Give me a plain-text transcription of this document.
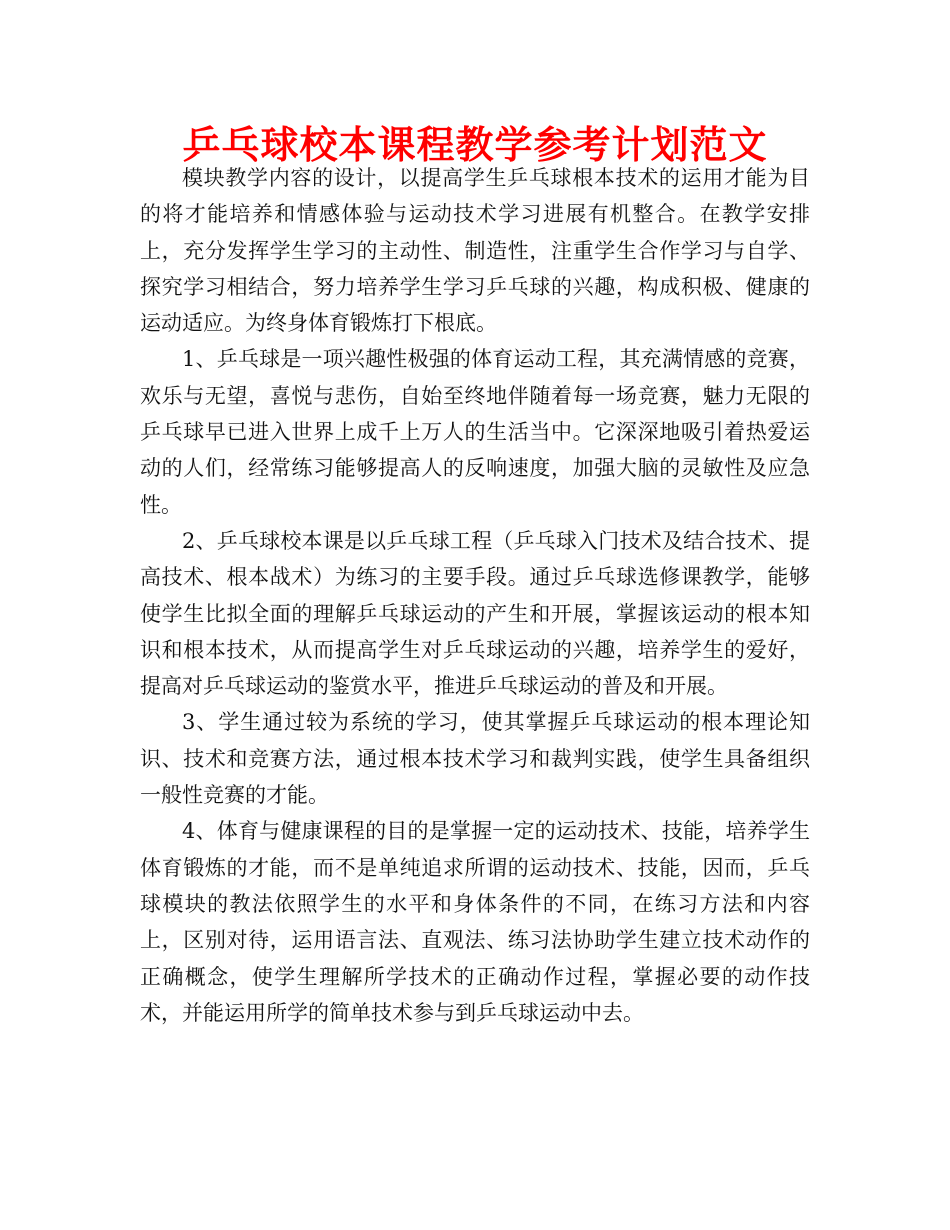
乒乓球校本课程教学参考计划范文

模块教学内容的设计，以提高学生乒乓球根本技术的运用才能为目的将才能培养和情感体验与运动技术学习进展有机整合。在教学安排上，充分发挥学生学习的主动性、制造性，注重学生合作学习与自学、探究学习相结合，努力培养学生学习乒乓球的兴趣，构成积极、健康的运动适应。为终身体育锻炼打下根底。

1、乒乓球是一项兴趣性极强的体育运动工程，其充满情感的竞赛，欢乐与无望，喜悦与悲伤，自始至终地伴随着每一场竞赛，魅力无限的乒乓球早已进入世界上成千上万人的生活当中。它深深地吸引着热爱运动的人们，经常练习能够提高人的反响速度，加强大脑的灵敏性及应急性。

2、乒乓球校本课是以乒乓球工程（乒乓球入门技术及结合技术、提高技术、根本战术）为练习的主要手段。通过乒乓球选修课教学，能够使学生比拟全面的理解乒乓球运动的产生和开展，掌握该运动的根本知识和根本技术，从而提高学生对乒乓球运动的兴趣，培养学生的爱好，提高对乒乓球运动的鉴赏水平，推进乒乓球运动的普及和开展。

3、学生通过较为系统的学习，使其掌握乒乓球运动的根本理论知识、技术和竞赛方法，通过根本技术学习和裁判实践，使学生具备组织一般性竞赛的才能。

4、体育与健康课程的目的是掌握一定的运动技术、技能，培养学生体育锻炼的才能，而不是单纯追求所谓的运动技术、技能，因而，乒乓球模块的教法依照学生的水平和身体条件的不同，在练习方法和内容上，区别对待，运用语言法、直观法、练习法协助学生建立技术动作的正确概念，使学生理解所学技术的正确动作过程，掌握必要的动作技术，并能运用所学的简单技术参与到乒乓球运动中去。
